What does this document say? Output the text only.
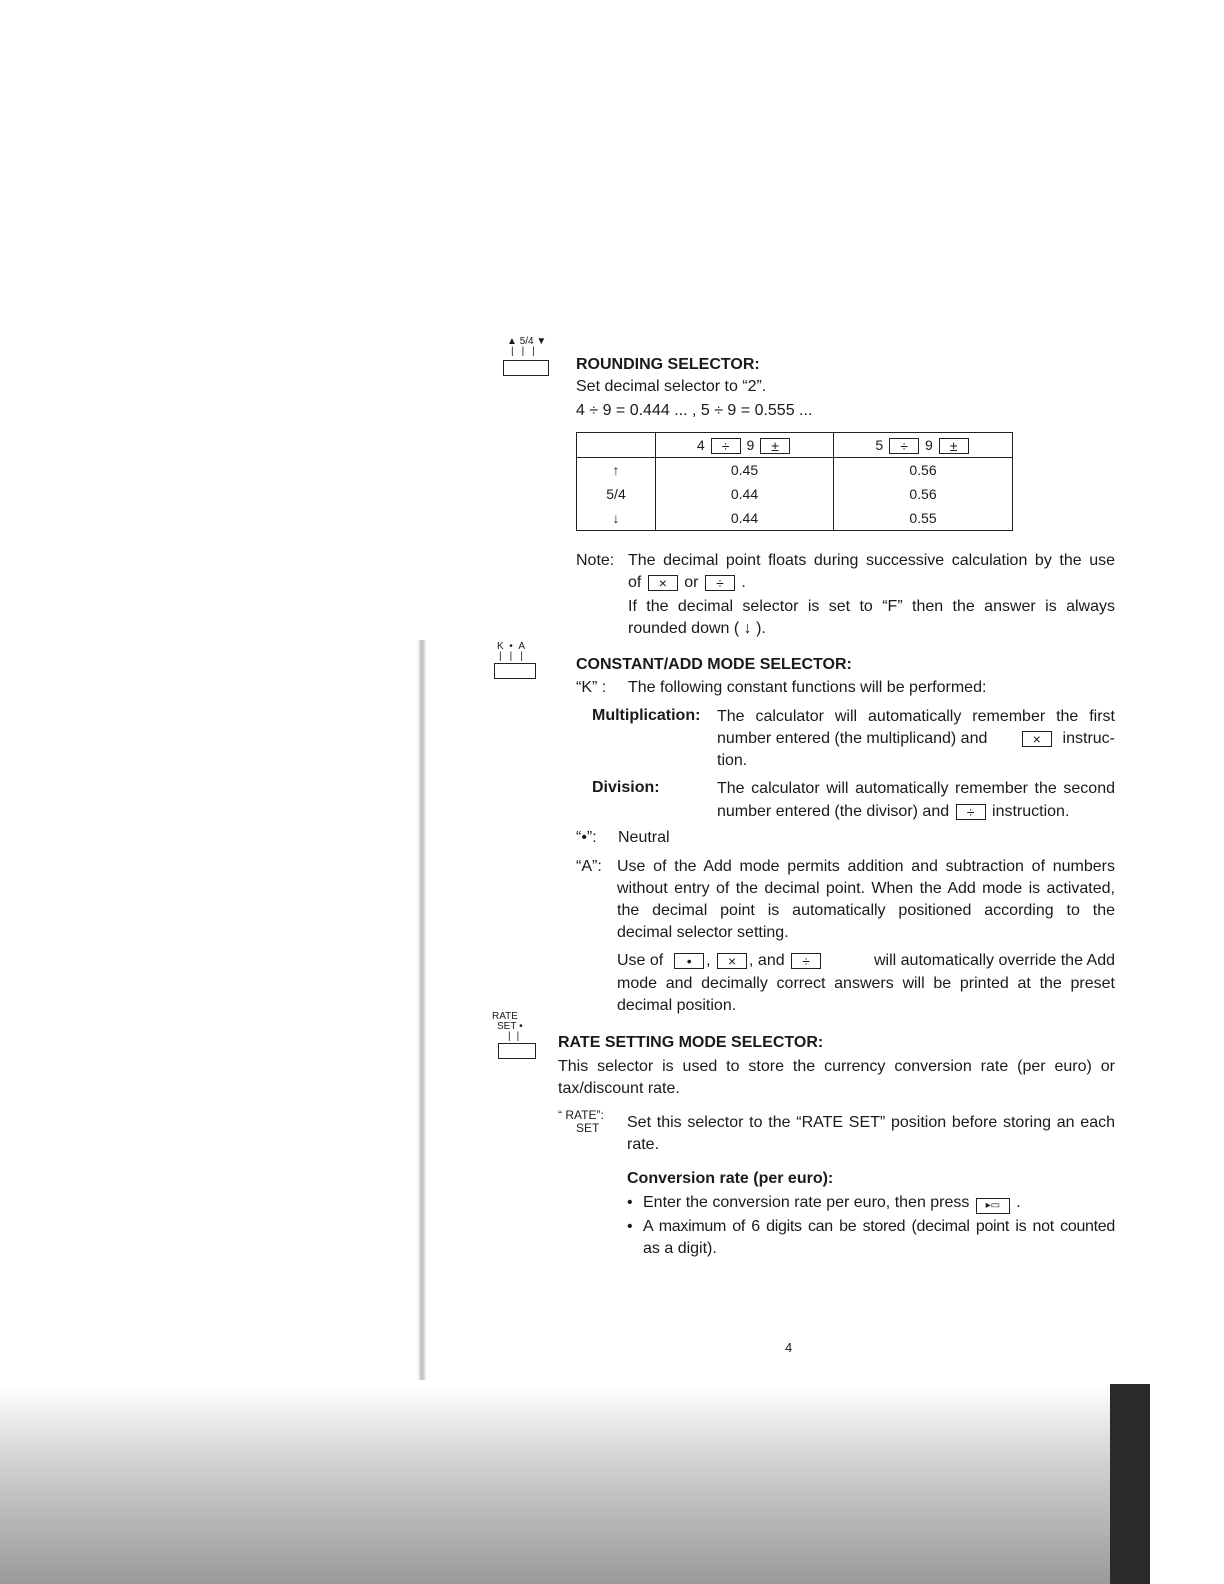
▲ 5/4 ▼
|||
ROUNDING SELECTOR:
Set decimal selector to “2”.
4 ÷ 9 = 0.444 ... , 5 ÷ 9 = 0.555 ...
	4 ÷ 9 ±	5 ÷ 9 ±
↑	0.45	0.56
5/4	0.44	0.56
↓	0.44	0.55
Note: The decimal point floats during successive calculation by the use
of × or ÷ .
If the decimal selector is set to “F” then the answer is always
rounded down ( ↓ ).
K • A
|||	CONSTANT/ADD MODE SELECTOR:
“K” : The following constant functions will be performed:
Multiplication: The calculator will automatically remember the first
number entered (the multiplicand) and	× instruc-
tion.
Division:	The calculator will automatically remember the second
number entered (the divisor) and ÷ instruction.
“•”: Neutral
“A”: Use of the Add mode permits addition and subtraction of numbers
without entry of the decimal point. When the Add mode is activated,
the decimal point is automatically positioned according to the
decimal selector setting.
Use of • , × , and ÷	will automatically override the Add
mode and decimally correct answers will be printed at the preset
decimal position.
RATE
SET •
|| RATE SETTING MODE SELECTOR:
This selector is used to store the currency conversion rate (per euro) or
tax/discount rate.
“ RATE”:
SET Set this selector to the “RATE SET” position before storing an each
rate.
Conversion rate (per euro):
• Enter the conversion rate per euro, then press ▸▭ .
• A maximum of 6 digits can be stored (decimal point is not counted
as a digit).
4
